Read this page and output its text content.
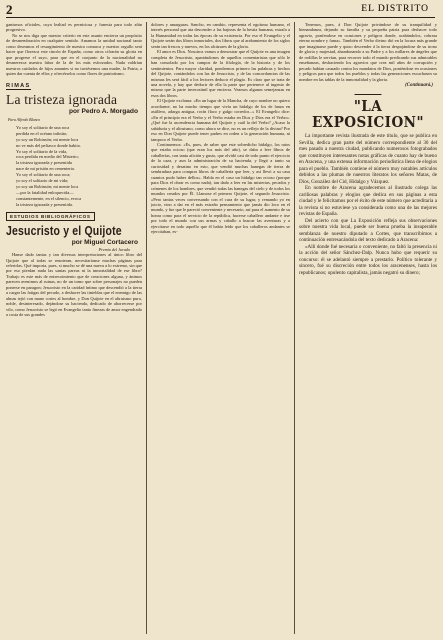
2	EL DISTRITO

ganismos oficiales, cuya lealtad es perniciosa y funesta para todo afán progresivo.

No se nos diga que nuestro criterio en este asunto encierra un propósito de desmembración en cualquier sentido. Amamos la unidad nacional tanto como deseamos el resurgimiento de nuestra comarca y nuestro orgullo será hacer que florezca este rincón de España, como otros cifrarán su gloria en que progrese el suyo, para que en el conjunto de la nacionalidad no desmerezca nuestra labor de la de los más esforzados. Nada valdrían nuestros cuidados de hijos amantes si no tuviésemos una madre, la Patria, a quien dar cuenta de ellos y ofrecérselos como flores de patriotismo.

RIMAS
La tristeza ignorada
por Pedro A. Morgado
Para Alfredo Blanco
Yo soy el solitario de una roca
perdida en el océano infinito;
yo soy un Robinsón; mi mente loca
no ve más del pefiasco donde habito.
Yo soy el solitario de la vida,
roca perdida en medio del Misterio;
la tristeza ignorada y presentida
nace de mi prisión en cementerio.
Yo soy el solitario de una roca;
yo soy el solitario de mi vida;
yo soy un Robinsón; mi mente loca
—por la fatalidad enloquecida—
constantemente, en el silencio, evoca
la tristeza ignorada y presentida.
ESTUDIOS BIBLIOGRÁFICOS
Jesucristo y el Quijote
por Miguel Cortacero
Premio del Jurado

Hanse dado tantas y tan diversas interpretaciones al único libro del Quijote que al todas se reunieran, necesitaríanse muchas páginas para referirlas. Qué importa, pues, si mucho se dé una nueva a lo extremo, sin que por eso pierdan nada las santas pareas ni la inmortalidad de ese libro? Trabajo es este más de entrecoimiento que de creaciones alguna, y ánimos parecen avenimos al ruinas, no de un tomo que sobre personajes no pueden ponerse en paragon; Jesucristo en la caridad íntimo que descendió a la tierra a cargar las fatigas del pecado, a deshacer las tinieblas que el enemigo de las almas tejió con mano cortes al hombre, y Don Quijote en el altruismo puro, noble, desinteresado, dejándose su hacienda, dedicado de aborrecerse por vilo, como Jesucristo se legó en Evangelio tanto finezas de amor engendrado a costa de sus grandes

dolores y amarguras. Sancho, en cambio, representa el egoísmo humano, el interés personal que ata descender a las bajezas de la bestia humana, estrafa a la Humanidad en todas las épocas de su existencia. Por eso el Evangelio y el Quijote serán dos libros inmortales, dos libros que al arabamiento de los siglos serán tan frescos y nuevos, en los alcázares de la gloria.

El amor es Dios. Nosotros vamos a demostrar que el Quijote es una imagen completa de Jesucristo, apartándonos de aquellos comentaristas que sólo le han consolado por los campos de la filología, de la historia y de los sentimientos. Para mayor claridad, pondremos primero las palabras y hechos del Quijote, contándolos con las de Jesucristo, y de las concordancias de las mismas les será fácil a los lectores deducir el plagio. Es claro que se trata de una novela, y hay que deducir de ella la parte que pertenece al ingenio de mismo que la parte inverosímil que encierra. Veamos algunas semejanzas en esos dos libros.

El Quijote exclama: «En un lugar de la Mancha, de cuyo nombre no quiero acordarme, no ha mucho tiempo que vivía un hidalgo de los de lanza en astillero, adarga antigua, rocín flaco y galgo corredor...» El Evangelio dice: «En el principio era el Verbo y el Verbo estaba en Dios y Dios era el Verbo». ¿Qué fue la ascendencia humana del Quijote y cuál la del Verbo? ¿Acaso la sabiduría y el altruismo, como ahora se dice, no es un reflejo de la divina? Por eso en Don Quijote puede tener padres en orden a la generación humana, ni tampoco el Verbo.

Continuemos: «Es, pues, de saber que este sobredicho hidalgo, los ratos que estaba ocioso (que eran los más del año), se daba a leer libros de caballerías, con tanta afición y gusto, que olvidó casi de todo punto el ejercicio de la caza, y aun la administración de su hacienda, y llegó a tanto su curiosidad y desatino en esto, que vendió muchas hanegas de tierra de sembradura para comprar libros de caballería que leer, y así llevó a su casa cuantos pudo haber dellos». Habla en el caso un hidalgo tan ocioso (porque para Dios el obrar es como nada), tan dado a leer en las misterias, pecados y crímenes de los hombres, que vendió todas las hanegas del cielo y de todos los mundos creados por Él. Llamose el primero Quijote, el segundo Jesucristo. «Pero tantas veces conversando con el cura de su lugar, y remando yo en juicio, vino a dar en el más extraño pensamiento que jamás dio loco en el mundo, y fue que le pareció conveniente y necesario, así para el aumento de su honra como para el servicio de la república, hacerse caballero andante e irse por todo el mundo con sus armas y caballo a buscar las aventuras y a ejercitarse en todo aquello que él había leído que los caballeros andantes se ejercitaban, es-

Tenemos, pues, á Don Quijote privándose de su tranquilidad y bienandanza, dejando su familia y su pequeña patria para deshacer todo agravio, ponfendose en ocasiones y peligros donde, acabándolos, cobrara eterno nombre y fama». También el Verbo divino dió en la locura más grande que imaginarse puede y quiso descender á la tierra despojándose de su trono de gloria y majestad, abandonando a su Padre y a los millares de ángeles que de rodillas le servían, para recorrer todo el mundo predicando sus admirables enseñanzas, deshaciendo los agravios que crea mil años de corrupción y pecado habían causado contra los mandatos de Dios, poniéndose en ocasiones y peligros para que todos los pueblos y todas las generaciones escuchasen su nombre en las tablas de la inmortalidad y la gloria.

(Continuará.)
"LA EXPOSICION"

La importante revista ilustrada de este título, que se publica en Sevilla, dedica gran parte del número correspondiente al 30 del mes pasado a nuestra ciudad, publicando numerosos fotograbados que constituyen interesantes notas gráficas de cuanto hay de bueno en Aracena, y una extensa información periodística llena de elogios para el pueblo. También contiene el número muy notables artículos debidos a las plumas de nuestros literatos los señores Matas, de Dios, González del Cid, Hidalgo y Vázquez.

En nombre de Aracena agradecemos al ilustrado colega las cariñosas palabras y elogios que dedica en sus páginas a esta ciudad y le felicitamos por el éxito de este número que acreditaría a la revista si no estuviese ya considerada como una de las mejores revistas de España.

Del acierto con que La Exposición refleja sus observaciones sobre nuestra vida local, puede ser buena prueba la insuperable semblanza de nuestro diputado a Cortes, que transcribimos a continuación entresacándola del texto dedicado a Aracena:

«Allí donde fué necesaria o conveniente, no faltó la presencia ni la acción del señor Sánchez-Dalp. Nunca hubo que requerir su concurso: él se adelantó siempre a prestarlo. Político tolerante y sincero, fué su discreción entre todos los aracenenses, hasta los republicanos; opulento capitalista, jamás negatró su dinero;
